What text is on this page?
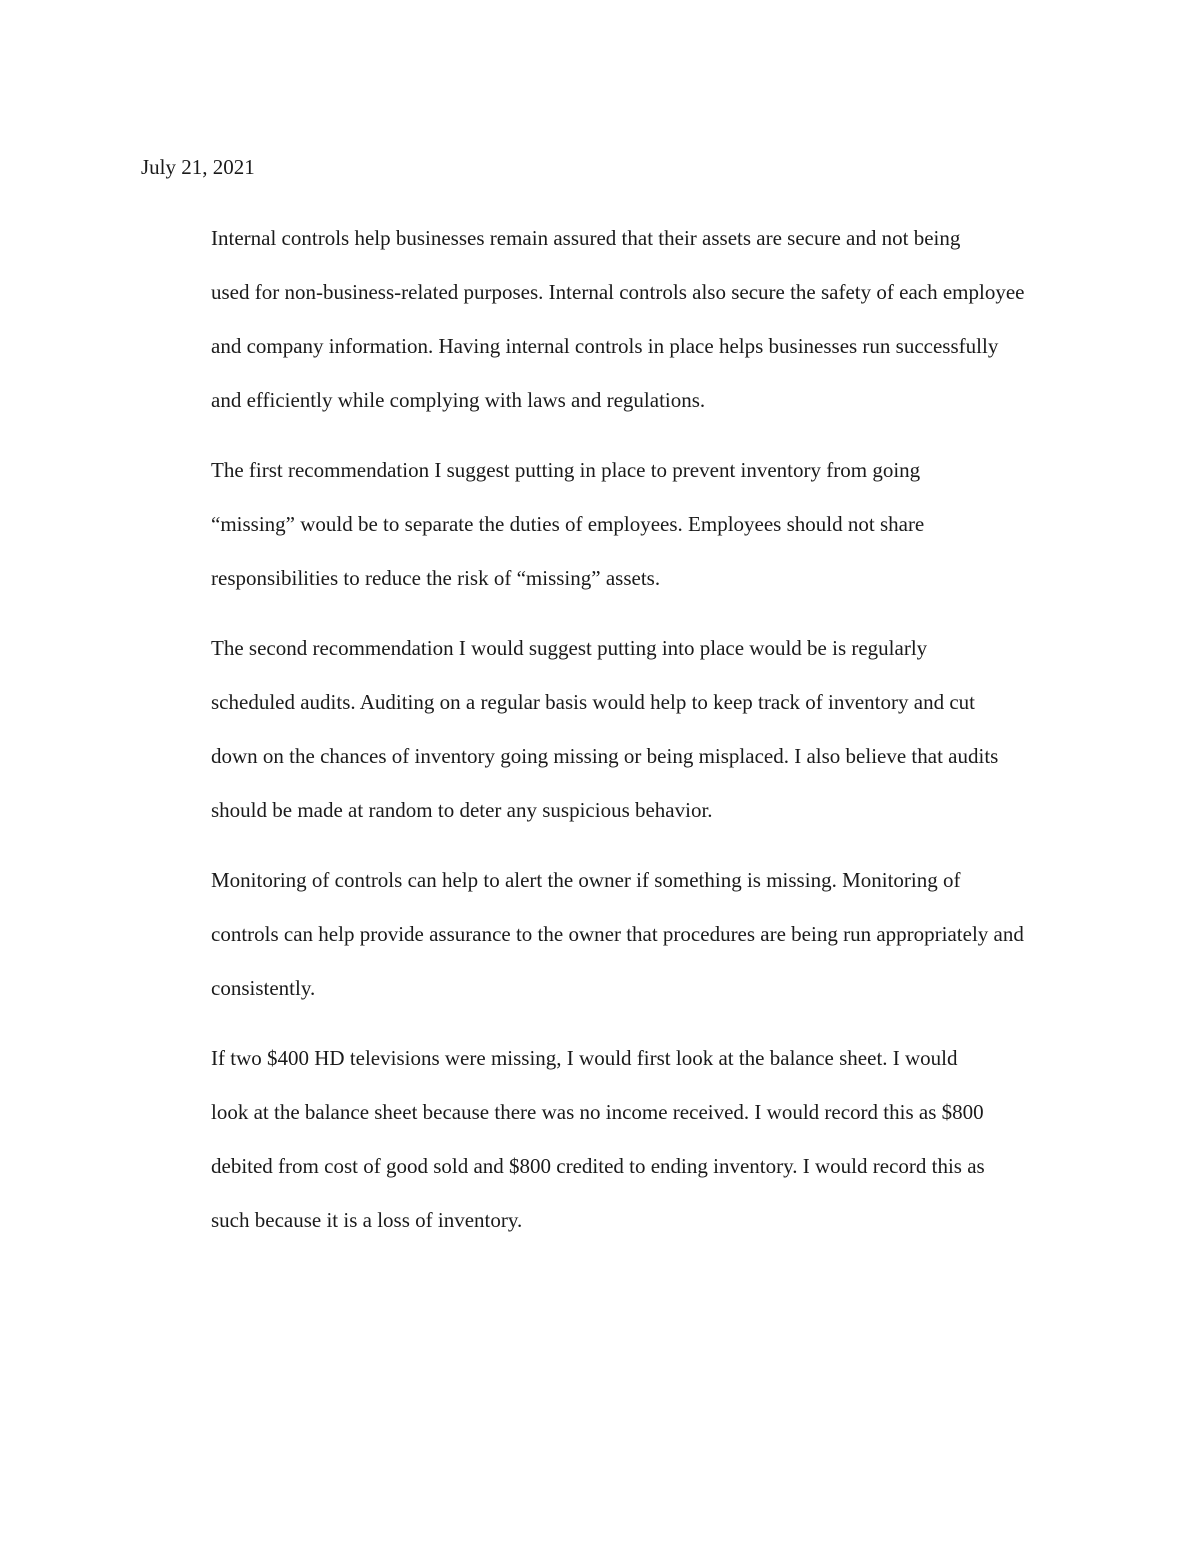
July 21, 2021

Internal controls help businesses remain assured that their assets are secure and not being
used for non-business-related purposes. Internal controls also secure the safety of each employee
and company information. Having internal controls in place helps businesses run successfully
and efficiently while complying with laws and regulations.

The first recommendation I suggest putting in place to prevent inventory from going
“missing” would be to separate the duties of employees. Employees should not share
responsibilities to reduce the risk of “missing” assets.

The second recommendation I would suggest putting into place would be is regularly
scheduled audits. Auditing on a regular basis would help to keep track of inventory and cut
down on the chances of inventory going missing or being misplaced. I also believe that audits
should be made at random to deter any suspicious behavior.

Monitoring of controls can help to alert the owner if something is missing. Monitoring of
controls can help provide assurance to the owner that procedures are being run appropriately and
consistently.

If two $400 HD televisions were missing, I would first look at the balance sheet. I would
look at the balance sheet because there was no income received. I would record this as $800
debited from cost of good sold and $800 credited to ending inventory. I would record this as
such because it is a loss of inventory.
